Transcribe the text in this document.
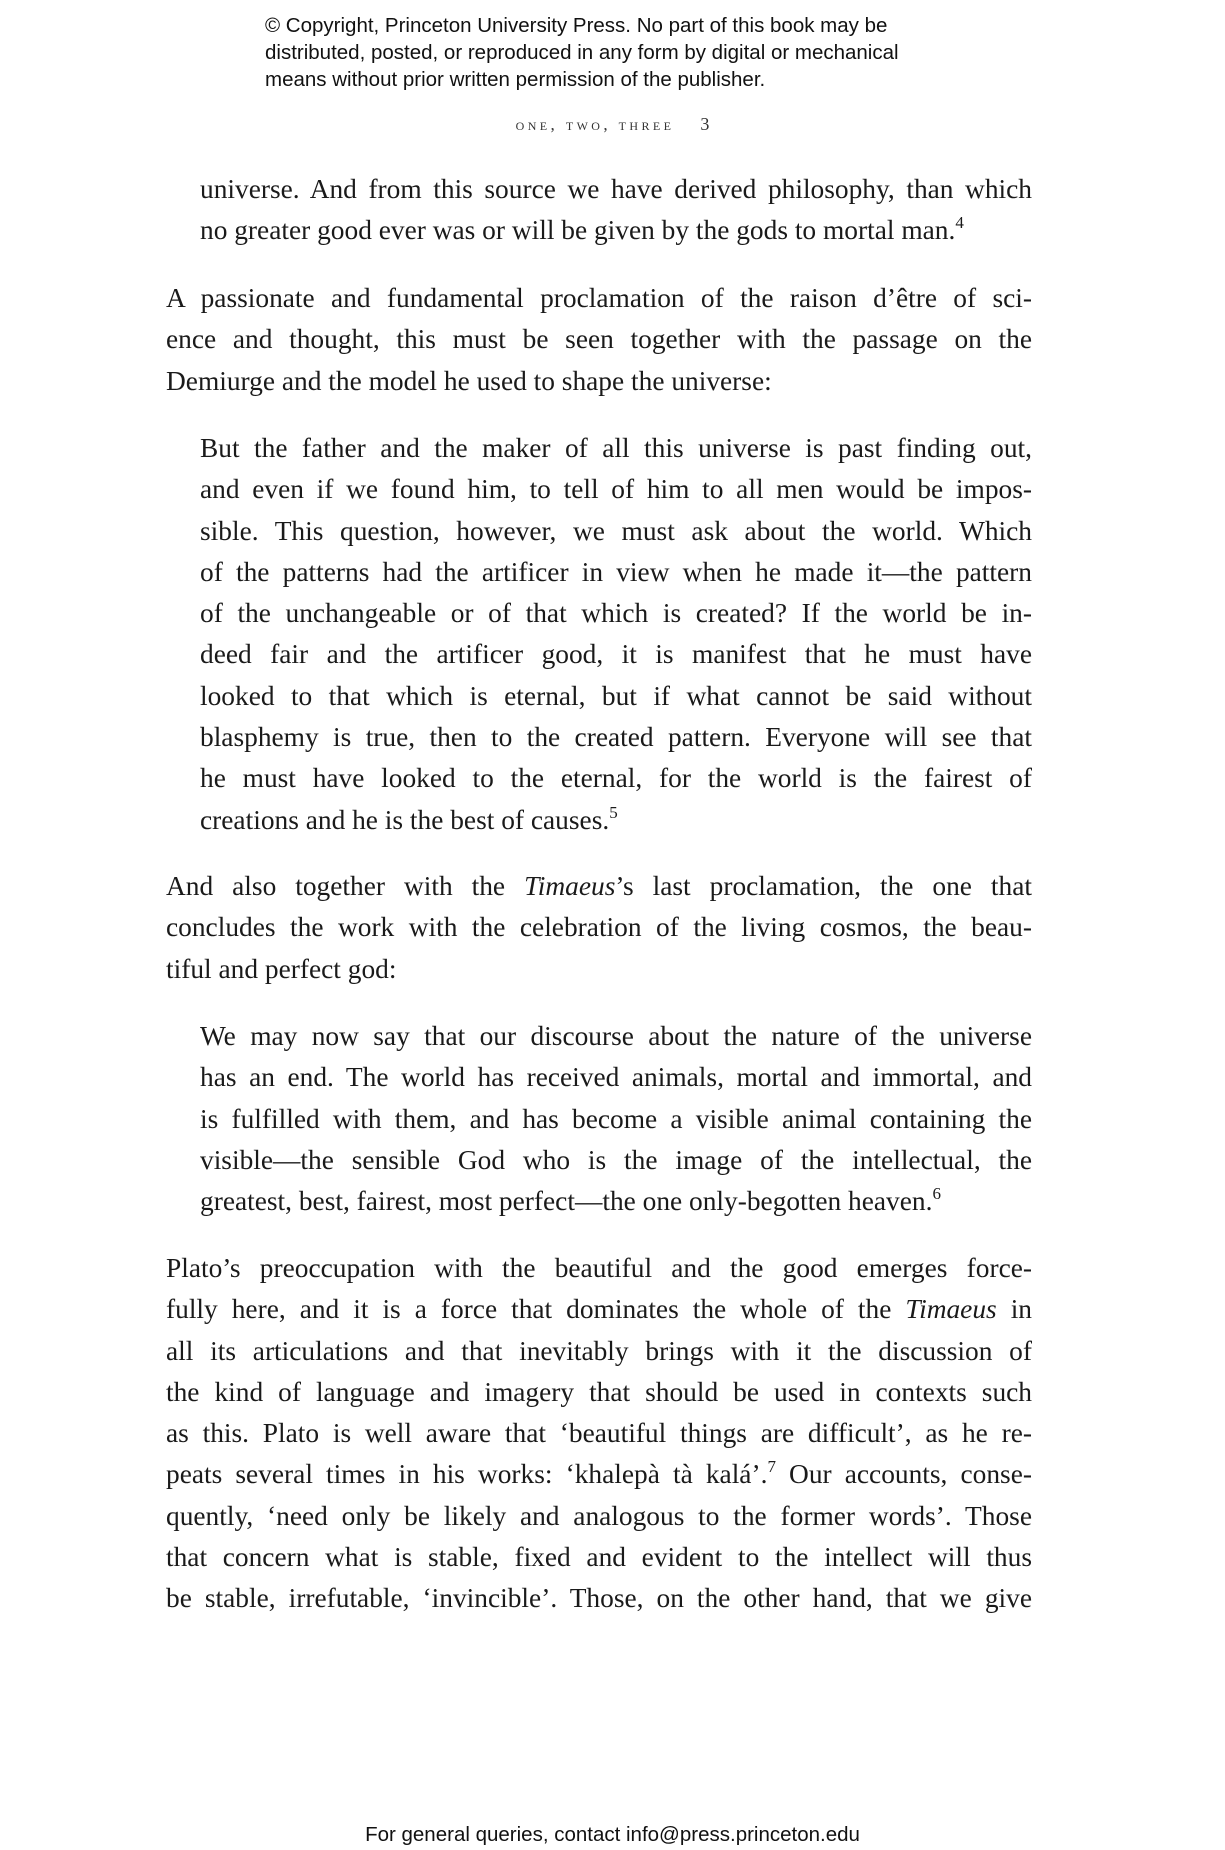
© Copyright, Princeton University Press. No part of this book may be
distributed, posted, or reproduced in any form by digital or mechanical
means without prior written permission of the publisher.
one, two, three 3
universe. And from this source we have derived philosophy, than which
no greater good ever was or will be given by the gods to mortal man.$^4$
A passionate and fundamental proclamation of the raison d’être of sci-
ence and thought, this must be seen together with the passage on the
Demiurge and the model he used to shape the universe:
But the father and the maker of all this universe is past finding out,
and even if we found him, to tell of him to all men would be impos-
sible. This question, however, we must ask about the world. Which
of the patterns had the artificer in view when he made it—the pattern
of the unchangeable or of that which is created? If the world be in-
deed fair and the artificer good, it is manifest that he must have
looked to that which is eternal, but if what cannot be said without
blasphemy is true, then to the created pattern. Everyone will see that
he must have looked to the eternal, for the world is the fairest of
creations and he is the best of causes.$^5$
And also together with the Timaeus’s last proclamation, the one that
concludes the work with the celebration of the living cosmos, the beau-
tiful and perfect god:
We may now say that our discourse about the nature of the universe
has an end. The world has received animals, mortal and immortal, and
is fulfilled with them, and has become a visible animal containing the
visible—the sensible God who is the image of the intellectual, the
greatest, best, fairest, most perfect—the one only-begotten heaven.$^6$
Plato’s preoccupation with the beautiful and the good emerges force-
fully here, and it is a force that dominates the whole of the Timaeus in
all its articulations and that inevitably brings with it the discussion of
the kind of language and imagery that should be used in contexts such
as this. Plato is well aware that ‘beautiful things are difficult’, as he re-
peats several times in his works: ‘khalepà tà kalá’.$^7$ Our accounts, conse-
quently, ‘need only be likely and analogous to the former words’. Those
that concern what is stable, fixed and evident to the intellect will thus
be stable, irrefutable, ‘invincible’. Those, on the other hand, that we give
For general queries, contact info@press.princeton.edu
